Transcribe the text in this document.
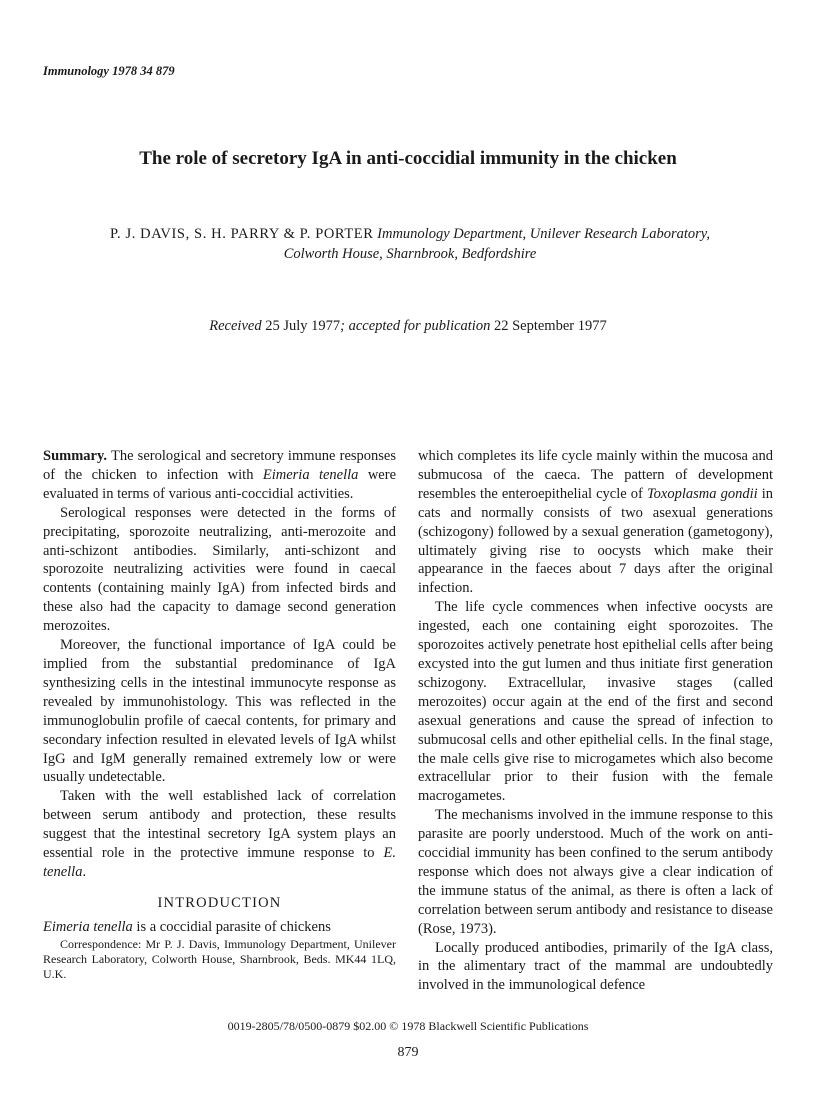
Immunology 1978 34 879
The role of secretory IgA in anti-coccidial immunity in the chicken
P. J. DAVIS, S. H. PARRY & P. PORTER Immunology Department, Unilever Research Laboratory,
Colworth House, Sharnbrook, Bedfordshire
Received 25 July 1977; accepted for publication 22 September 1977

Summary. The serological and secretory immune responses of the chicken to infection with Eimeria tenella were evaluated in terms of various anti-coccidial activities.

Serological responses were detected in the forms of precipitating, sporozoite neutralizing, anti-merozoite and anti-schizont antibodies. Similarly, anti-schizont and sporozoite neutralizing activities were found in caecal contents (containing mainly IgA) from infected birds and these also had the capacity to damage second generation merozoites.

Moreover, the functional importance of IgA could be implied from the substantial predominance of IgA synthesizing cells in the intestinal immunocyte response as revealed by immunohistology. This was reflected in the immunoglobulin profile of caecal contents, for primary and secondary infection resulted in elevated levels of IgA whilst IgG and IgM generally remained extremely low or were usually undetectable.

Taken with the well established lack of correlation between serum antibody and protection, these results suggest that the intestinal secretory IgA system plays an essential role in the protective immune response to E. tenella.

INTRODUCTION

Eimeria tenella is a coccidial parasite of chickens

Correspondence: Mr P. J. Davis, Immunology Department, Unilever Research Laboratory, Colworth House, Sharnbrook, Beds. MK44 1LQ, U.K.

which completes its life cycle mainly within the mucosa and submucosa of the caeca. The pattern of development resembles the enteroepithelial cycle of Toxoplasma gondii in cats and normally consists of two asexual generations (schizogony) followed by a sexual generation (gametogony), ultimately giving rise to oocysts which make their appearance in the faeces about 7 days after the original infection.

The life cycle commences when infective oocysts are ingested, each one containing eight sporozoites. The sporozoites actively penetrate host epithelial cells after being excysted into the gut lumen and thus initiate first generation schizogony. Extracellular, invasive stages (called merozoites) occur again at the end of the first and second asexual generations and cause the spread of infection to submucosal cells and other epithelial cells. In the final stage, the male cells give rise to microgametes which also become extracellular prior to their fusion with the female macrogametes.

The mechanisms involved in the immune response to this parasite are poorly understood. Much of the work on anti-coccidial immunity has been confined to the serum antibody response which does not always give a clear indication of the immune status of the animal, as there is often a lack of correlation between serum antibody and resistance to disease (Rose, 1973).

Locally produced antibodies, primarily of the IgA class, in the alimentary tract of the mammal are undoubtedly involved in the immunological defence

0019-2805/78/0500-0879 $02.00 © 1978 Blackwell Scientific Publications
879
